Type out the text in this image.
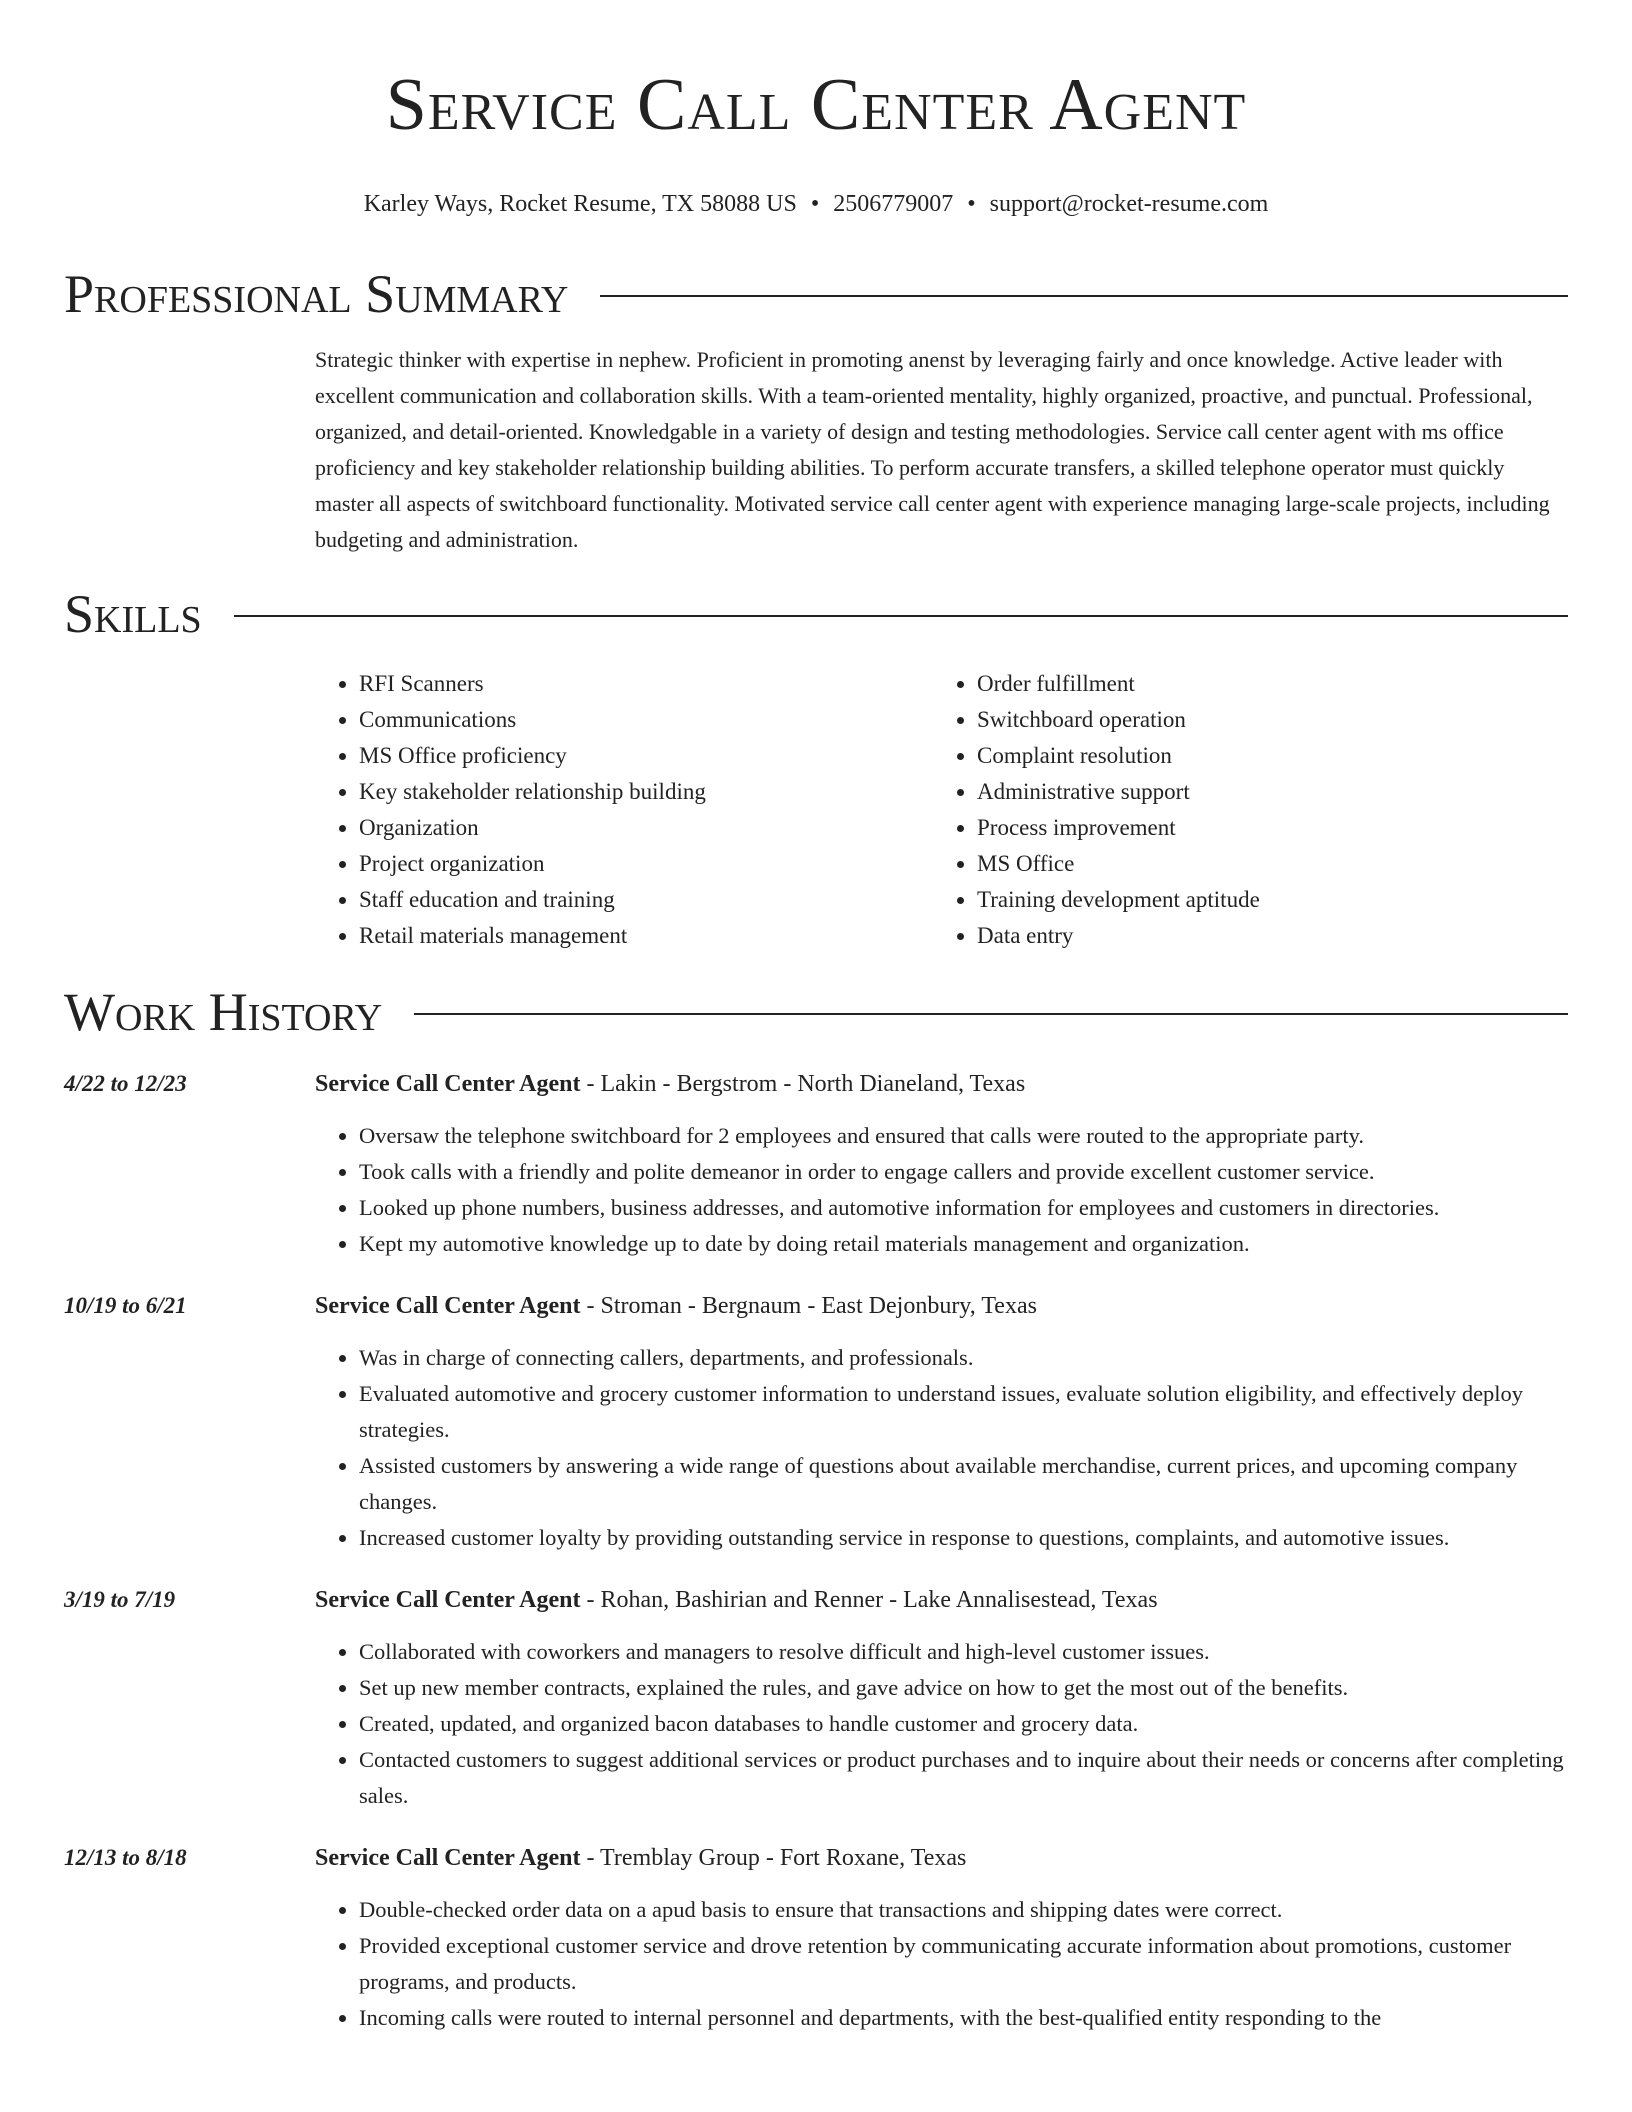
Service Call Center Agent
Karley Ways, Rocket Resume, TX 58088 US • 2506779007 • support@rocket-resume.com
Professional Summary
Strategic thinker with expertise in nephew. Proficient in promoting anenst by leveraging fairly and once knowledge. Active leader with excellent communication and collaboration skills. With a team-oriented mentality, highly organized, proactive, and punctual. Professional, organized, and detail-oriented. Knowledgable in a variety of design and testing methodologies. Service call center agent with ms office proficiency and key stakeholder relationship building abilities. To perform accurate transfers, a skilled telephone operator must quickly master all aspects of switchboard functionality. Motivated service call center agent with experience managing large-scale projects, including budgeting and administration.
Skills
• RFI Scanners
• Communications
• MS Office proficiency
• Key stakeholder relationship building
• Organization
• Project organization
• Staff education and training
• Retail materials management
• Order fulfillment
• Switchboard operation
• Complaint resolution
• Administrative support
• Process improvement
• MS Office
• Training development aptitude
• Data entry
Work History
4/22 to 12/23	Service Call Center Agent - Lakin - Bergstrom - North Dianeland, Texas
• Oversaw the telephone switchboard for 2 employees and ensured that calls were routed to the appropriate party.
• Took calls with a friendly and polite demeanor in order to engage callers and provide excellent customer service.
• Looked up phone numbers, business addresses, and automotive information for employees and customers in directories.
• Kept my automotive knowledge up to date by doing retail materials management and organization.
10/19 to 6/21	Service Call Center Agent - Stroman - Bergnaum - East Dejonbury, Texas
• Was in charge of connecting callers, departments, and professionals.
• Evaluated automotive and grocery customer information to understand issues, evaluate solution eligibility, and effectively deploy strategies.
• Assisted customers by answering a wide range of questions about available merchandise, current prices, and upcoming company changes.
• Increased customer loyalty by providing outstanding service in response to questions, complaints, and automotive issues.
3/19 to 7/19	Service Call Center Agent - Rohan, Bashirian and Renner - Lake Annalisestead, Texas
• Collaborated with coworkers and managers to resolve difficult and high-level customer issues.
• Set up new member contracts, explained the rules, and gave advice on how to get the most out of the benefits.
• Created, updated, and organized bacon databases to handle customer and grocery data.
• Contacted customers to suggest additional services or product purchases and to inquire about their needs or concerns after completing sales.
12/13 to 8/18	Service Call Center Agent - Tremblay Group - Fort Roxane, Texas
• Double-checked order data on a apud basis to ensure that transactions and shipping dates were correct.
• Provided exceptional customer service and drove retention by communicating accurate information about promotions, customer programs, and products.
• Incoming calls were routed to internal personnel and departments, with the best-qualified entity responding to the
